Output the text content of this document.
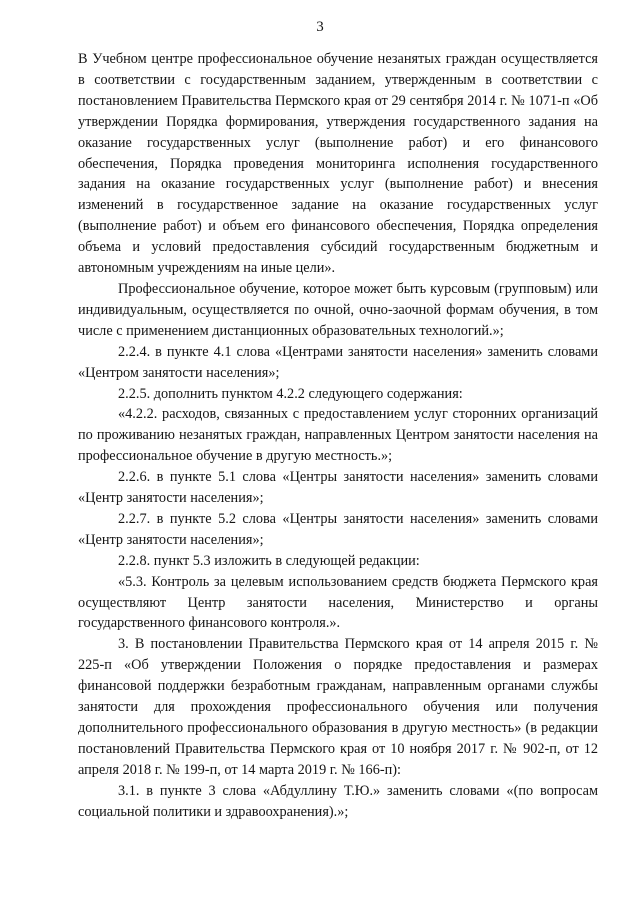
3

В Учебном центре профессиональное обучение незанятых граждан осуществляется в соответствии с государственным заданием, утвержденным в соответствии с постановлением Правительства Пермского края от 29 сентября 2014 г. № 1071-п «Об утверждении Порядка формирования, утверждения государственного задания на оказание государственных услуг (выполнение работ) и его финансового обеспечения, Порядка проведения мониторинга исполнения государственного задания на оказание государственных услуг (выполнение работ) и внесения изменений в государственное задание на оказание государственных услуг (выполнение работ) и объем его финансового обеспечения, Порядка определения объема и условий предоставления субсидий государственным бюджетным и автономным учреждениям на иные цели».

Профессиональное обучение, которое может быть курсовым (групповым) или индивидуальным, осуществляется по очной, очно-заочной формам обучения, в том числе с применением дистанционных образовательных технологий.»;

2.2.4. в пункте 4.1 слова «Центрами занятости населения» заменить словами «Центром занятости населения»;

2.2.5. дополнить пунктом 4.2.2 следующего содержания:

«4.2.2. расходов, связанных с предоставлением услуг сторонних организаций по проживанию незанятых граждан, направленных Центром занятости населения на профессиональное обучение в другую местность.»;

2.2.6. в пункте 5.1 слова «Центры занятости населения» заменить словами «Центр занятости населения»;

2.2.7. в пункте 5.2 слова «Центры занятости населения» заменить словами «Центр занятости населения»;

2.2.8. пункт 5.3 изложить в следующей редакции:

«5.3. Контроль за целевым использованием средств бюджета Пермского края осуществляют Центр занятости населения, Министерство и органы государственного финансового контроля.».

3. В постановлении Правительства Пермского края от 14 апреля 2015 г. № 225-п «Об утверждении Положения о порядке предоставления и размерах финансовой поддержки безработным гражданам, направленным органами службы занятости для прохождения профессионального обучения или получения дополнительного профессионального образования в другую местность» (в редакции постановлений Правительства Пермского края от 10 ноября 2017 г. № 902-п, от 12 апреля 2018 г. № 199-п, от 14 марта 2019 г. № 166-п):

3.1. в пункте 3 слова «Абдуллину Т.Ю.» заменить словами «(по вопросам социальной политики и здравоохранения).»;
